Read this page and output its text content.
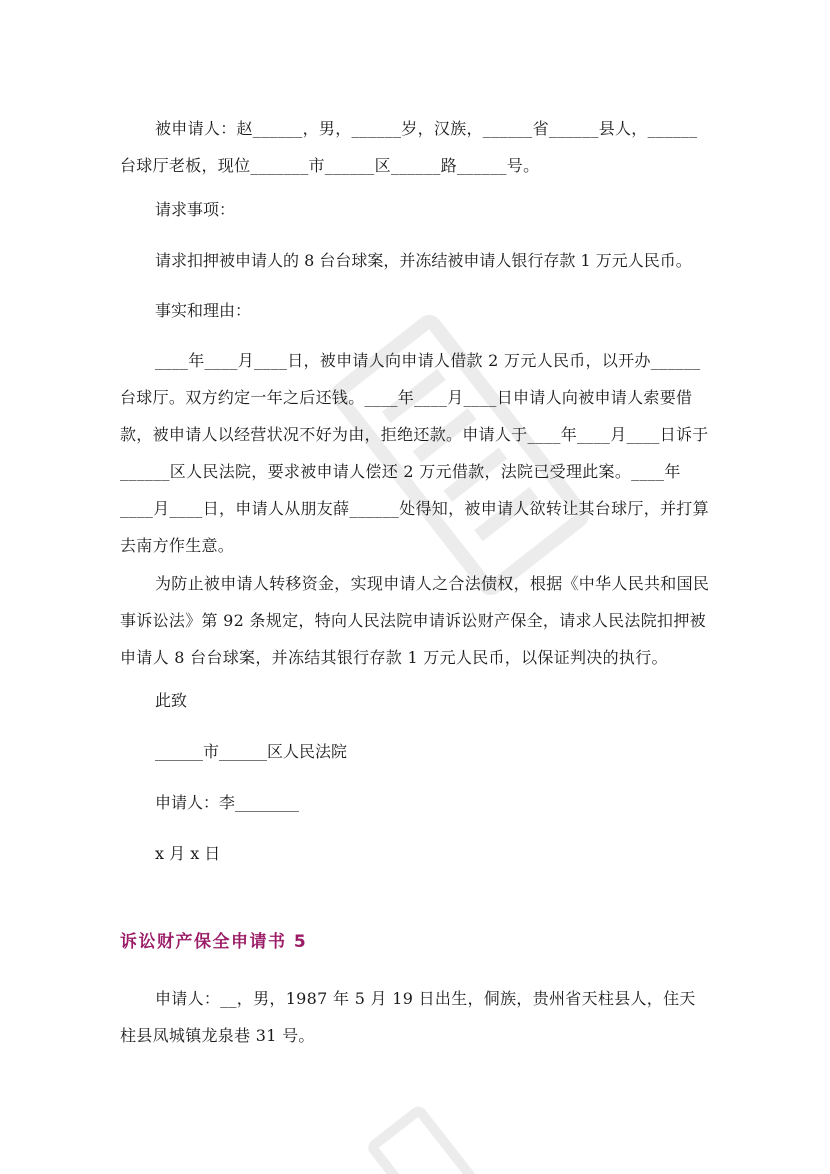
被申请人：赵______，男，______岁，汉族，______省______县人，______台球厅老板，现位_______市______区______路______号。

请求事项：

请求扣押被申请人的 8 台台球案，并冻结被申请人银行存款 1 万元人民币。

事实和理由：

____年____月____日，被申请人向申请人借款 2 万元人民币，以开办______台球厅。双方约定一年之后还钱。____年____月____日申请人向被申请人索要借款，被申请人以经营状况不好为由，拒绝还款。申请人于____年____月____日诉于______区人民法院，要求被申请人偿还 2 万元借款，法院已受理此案。____年____月____日，申请人从朋友薛______处得知，被申请人欲转让其台球厅，并打算去南方作生意。

为防止被申请人转移资金，实现申请人之合法债权，根据《中华人民共和国民事诉讼法》第 92 条规定，特向人民法院申请诉讼财产保全，请求人民法院扣押被申请人 8 台台球案，并冻结其银行存款 1 万元人民币，以保证判决的执行。

此致

______市______区人民法院

申请人：李________

x 月 x 日

诉讼财产保全申请书 5

申请人：__，男，1987 年 5 月 19 日出生，侗族，贵州省天柱县人，住天柱县凤城镇龙泉巷 31 号。
